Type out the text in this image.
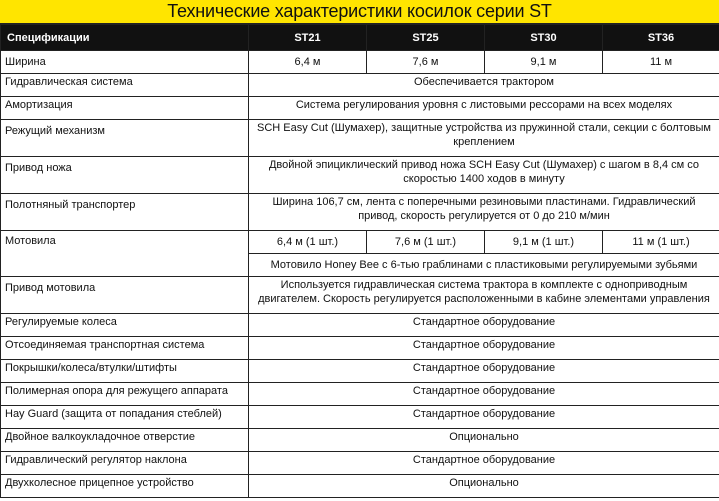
Технические характеристики косилок серии ST
Спецификации	ST21	ST25	ST30	ST36
Ширина	6,4 м	7,6 м	9,1 м	11 м
Гидравлическая система	Обеспечивается трактором			
Амортизация	Система регулирования уровня с листовыми рессорами на всех моделях			
Режущий механизм	SCH Easy Cut (Шумахер), защитные устройства из пружинной стали, секции с болтовым креплением			
Привод ножа	Двойной эпициклический привод ножа SCH Easy Cut (Шумахер) с шагом в 8,4 см со скоростью 1400 ходов в минуту			
Полотняный транспортер	Ширина 106,7 см, лента с поперечными резиновыми пластинами. Гидравлический привод, скорость регулируется от 0 до 210 м/мин			
Мотовила	6,4 м (1 шт.)	7,6 м (1 шт.)	9,1 м (1 шт.)	11 м (1 шт.)
	Мотовило Honey Bee с 6-тью граблинами с пластиковыми регулируемыми зубьями			
Привод мотовила	Используется гидравлическая система трактора в комплекте с одноприводным двигателем. Скорость регулируется расположенными в кабине элементами управления			
Регулируемые колеса	Стандартное оборудование			
Отсоединяемая транспортная система	Стандартное оборудование			
Покрышки/колеса/втулки/штифты	Стандартное оборудование			
Полимерная опора для режущего аппарата	Стандартное оборудование			
Hay Guard (защита от попадания стеблей)	Стандартное оборудование			
Двойное валкоукладочное отверстие	Опционально			
Гидравлический регулятор наклона	Стандартное оборудование			
Двухколесное прицепное устройство	Опционально			
